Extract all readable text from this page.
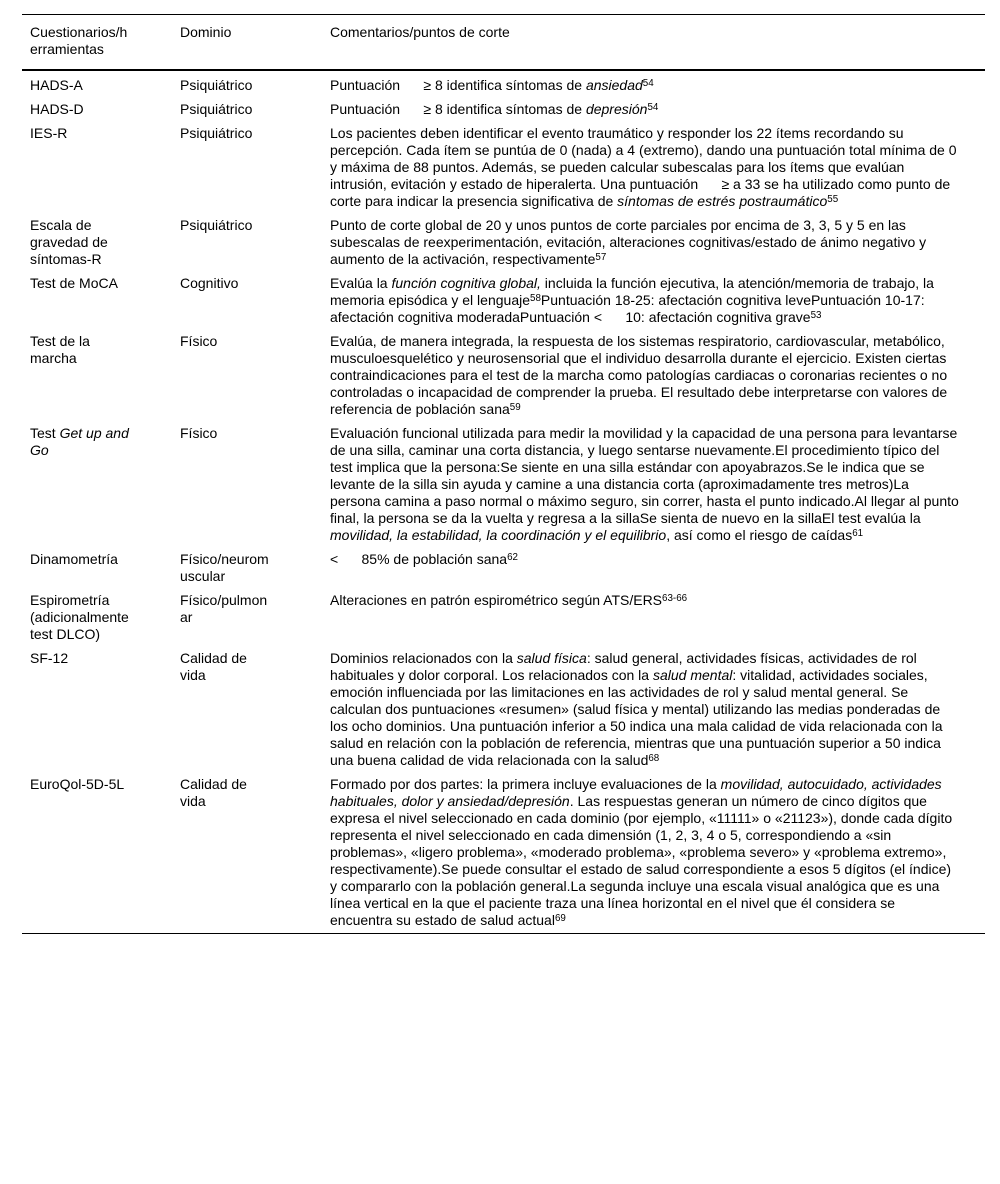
Cuestionarios/herramientas	Dominio	Comentarios/puntos de corte
HADS-A	Psiquiátrico	Puntuación      ≥ 8 identifica síntomas de ansiedad$^{54}$
HADS-D	Psiquiátrico	Puntuación      ≥ 8 identifica síntomas de depresión$^{54}$
IES-R	Psiquiátrico	Los pacientes deben identificar el evento traumático y responder los 22 ítems recordando su percepción. Cada ítem se puntúa de 0 (nada) a 4 (extremo), dando una puntuación total mínima de 0 y máxima de 88 puntos. Además, se pueden calcular subescalas para los ítems que evalúan intrusión, evitación y estado de hiperalerta. Una puntuación      ≥ a 33 se ha utilizado como punto de corte para indicar la presencia significativa de síntomas de estrés postraumático$^{55}$
Escala de gravedad de síntomas-R	Psiquiátrico	Punto de corte global de 20 y unos puntos de corte parciales por encima de 3, 3, 5 y 5 en las subescalas de reexperimentación, evitación, alteraciones cognitivas/estado de ánimo negativo y aumento de la activación, respectivamente$^{57}$
Test de MoCA	Cognitivo	Evalúa la función cognitiva global, incluida la función ejecutiva, la atención/memoria de trabajo, la memoria episódica y el lenguaje$^{58}$Puntuación 18-25: afectación cognitiva levePuntuación 10-17: afectación cognitiva moderadaPuntuación <      10: afectación cognitiva grave$^{53}$
Test de la marcha	Físico	Evalúa, de manera integrada, la respuesta de los sistemas respiratorio, cardiovascular, metabólico, musculoesquelético y neurosensorial que el individuo desarrolla durante el ejercicio. Existen ciertas contraindicaciones para el test de la marcha como patologías cardiacas o coronarias recientes o no controladas o incapacidad de comprender la prueba. El resultado debe interpretarse con valores de referencia de población sana$^{59}$
Test Get up and Go	Físico	Evaluación funcional utilizada para medir la movilidad y la capacidad de una persona para levantarse de una silla, caminar una corta distancia, y luego sentarse nuevamente.El procedimiento típico del test implica que la persona:Se siente en una silla estándar con apoyabrazos.Se le indica que se levante de la silla sin ayuda y camine a una distancia corta (aproximadamente tres metros)La persona camina a paso normal o máximo seguro, sin correr, hasta el punto indicado.Al llegar al punto final, la persona se da la vuelta y regresa a la sillaSe sienta de nuevo en la sillaEl test evalúa la movilidad, la estabilidad, la coordinación y el equilibrio, así como el riesgo de caídas$^{61}$
Dinamometría	Físico/neuromuscular	<      85% de población sana$^{62}$
Espirometría (adicionalmente test DLCO)	Físico/pulmonar	Alteraciones en patrón espirométrico según ATS/ERS$^{63-66}$
SF-12	Calidad de vida	Dominios relacionados con la salud física: salud general, actividades físicas, actividades de rol habituales y dolor corporal. Los relacionados con la salud mental: vitalidad, actividades sociales, emoción influenciada por las limitaciones en las actividades de rol y salud mental general. Se calculan dos puntuaciones «resumen» (salud física y mental) utilizando las medias ponderadas de los ocho dominios. Una puntuación inferior a 50 indica una mala calidad de vida relacionada con la salud en relación con la población de referencia, mientras que una puntuación superior a 50 indica una buena calidad de vida relacionada con la salud$^{68}$
EuroQol-5D-5L	Calidad de vida	Formado por dos partes: la primera incluye evaluaciones de la movilidad, autocuidado, actividades habituales, dolor y ansiedad/depresión. Las respuestas generan un número de cinco dígitos que expresa el nivel seleccionado en cada dominio (por ejemplo, «11111» o «21123»), donde cada dígito representa el nivel seleccionado en cada dimensión (1, 2, 3, 4 o 5, correspondiendo a «sin problemas», «ligero problema», «moderado problema», «problema severo» y «problema extremo», respectivamente).Se puede consultar el estado de salud correspondiente a esos 5 dígitos (el índice) y compararlo con la población general.La segunda incluye una escala visual analógica que es una línea vertical en la que el paciente traza una línea horizontal en el nivel que él considera se encuentra su estado de salud actual$^{69}$
